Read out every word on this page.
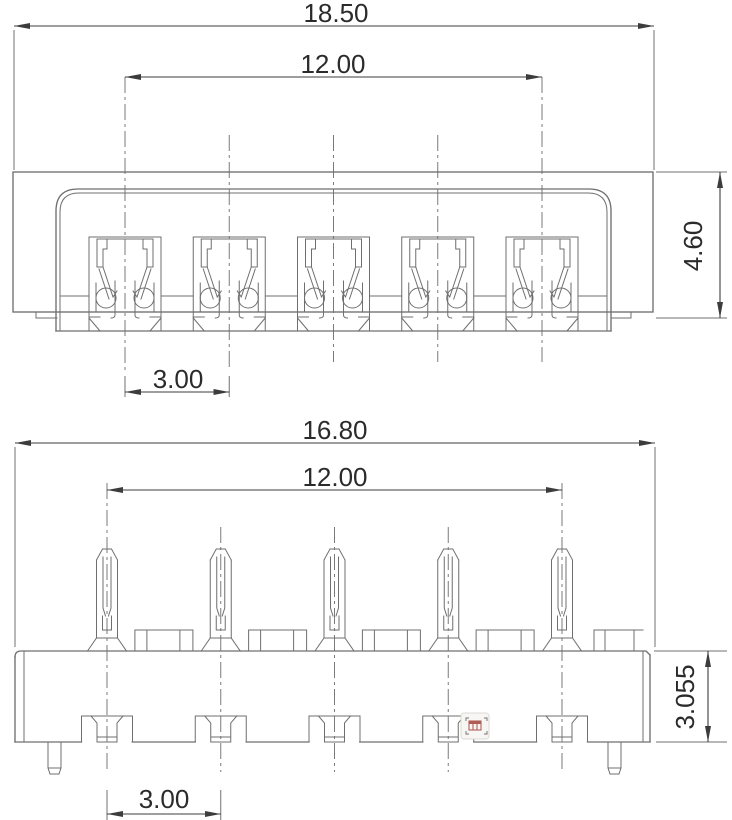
18.50
12.00
4.60
3.00
16.80
12.00
3.055
3.00
